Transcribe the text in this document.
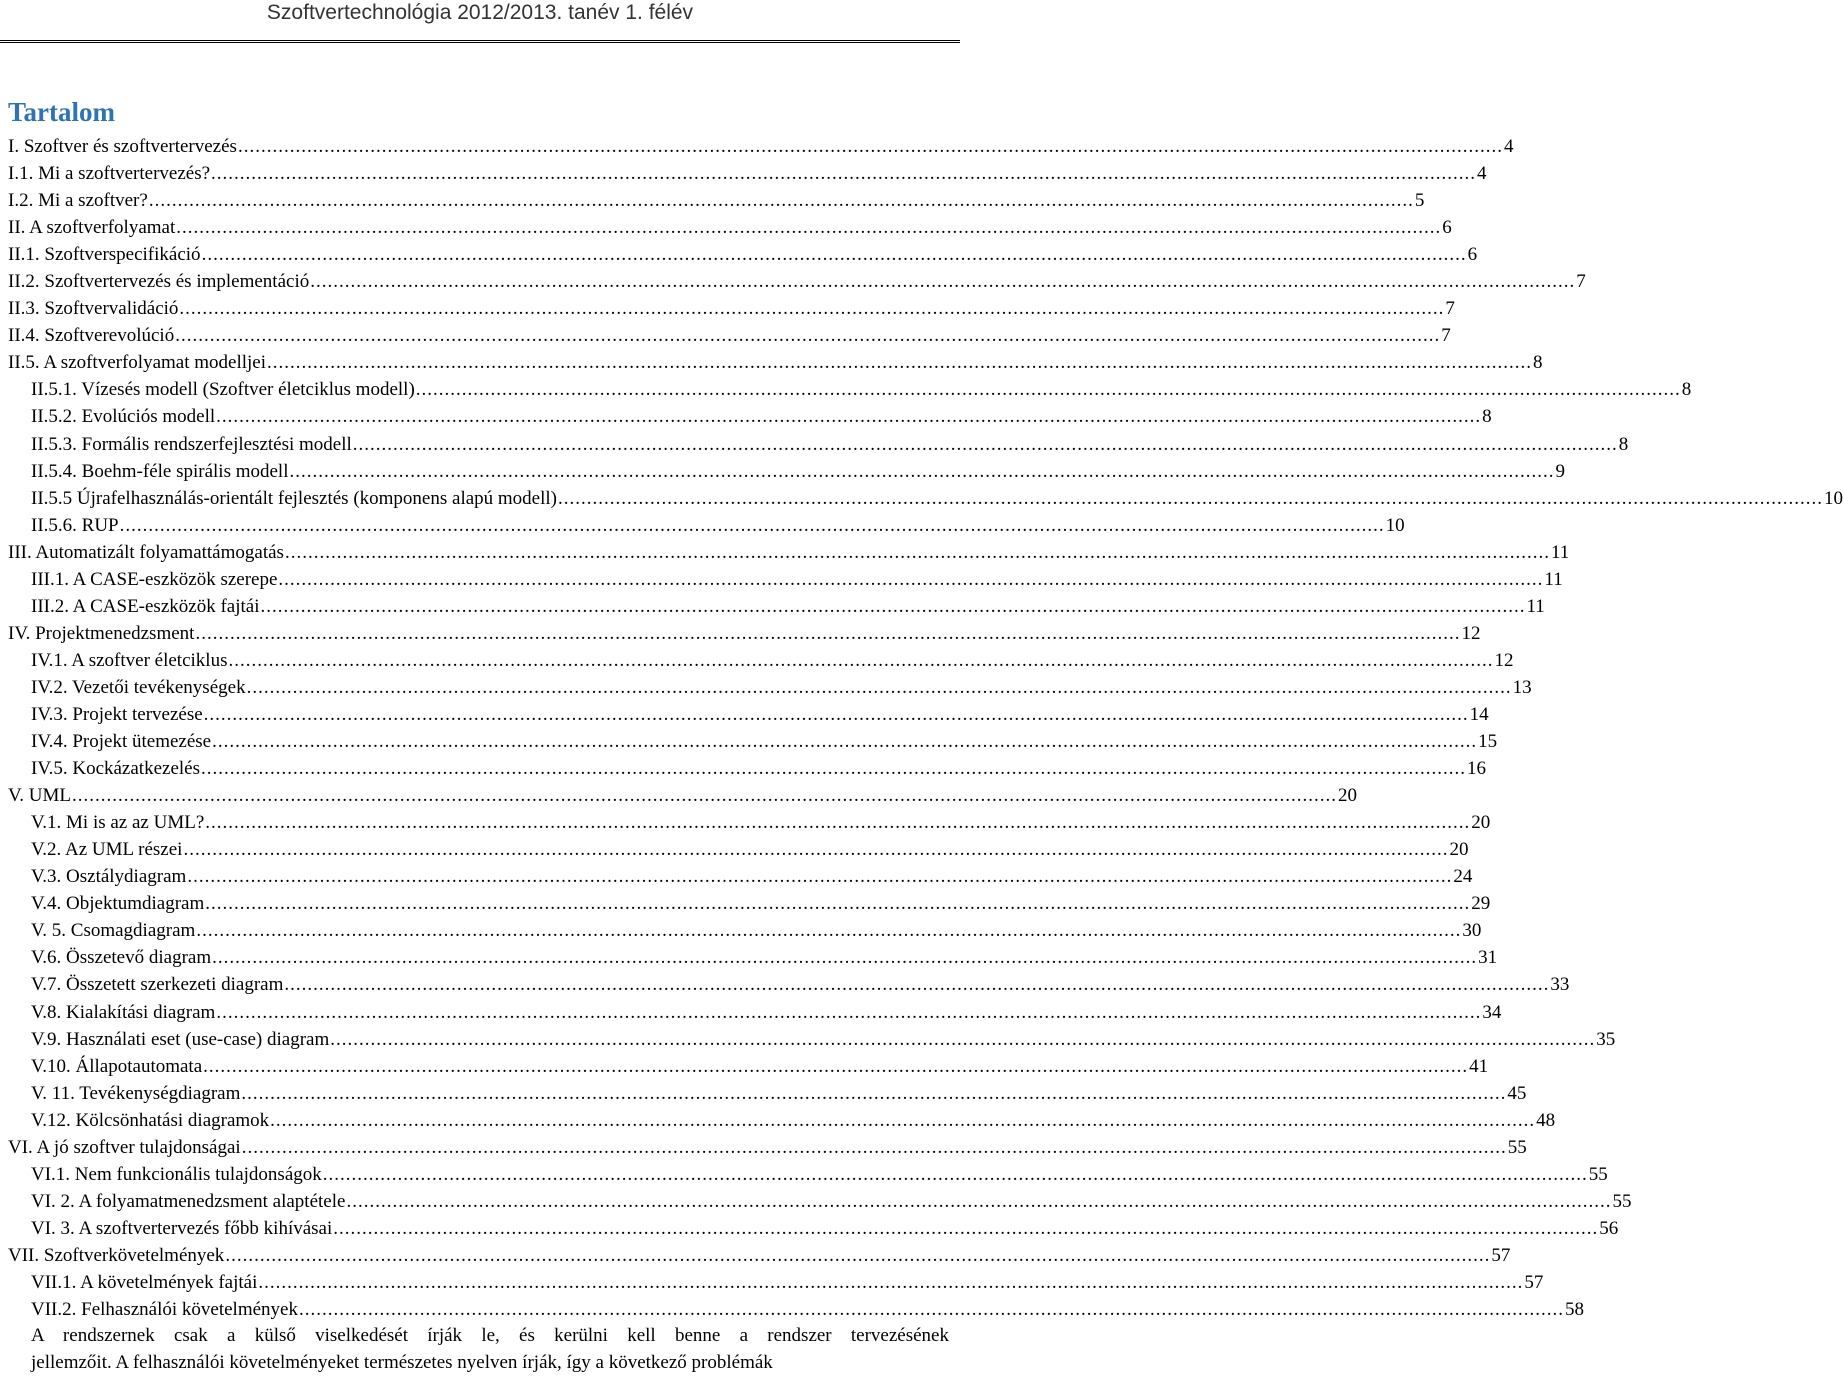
Szoftvertechnológia 2012/2013. tanév 1. félév
Tartalom
I. Szoftver és szoftvertervezés ............................................................................................................................................................................................................................ 4
I.1. Mi a szoftvertervezés? ............................................................................................................................................................................................................................ 4
I.2. Mi a szoftver? ............................................................................................................................................................................................................................ 5
II. A szoftverfolyamat ............................................................................................................................................................................................................................ 6
II.1. Szoftverspecifikáció ............................................................................................................................................................................................................................ 6
II.2. Szoftvertervezés és implementáció ............................................................................................................................................................................................................................ 7
II.3. Szoftvervalidáció ............................................................................................................................................................................................................................ 7
II.4. Szoftverevolúció ............................................................................................................................................................................................................................ 7
II.5. A szoftverfolyamat modelljei ............................................................................................................................................................................................................................ 8
II.5.1. Vízesés modell (Szoftver életciklus modell) ............................................................................................................................................................................................................................ 8
II.5.2. Evolúciós modell ............................................................................................................................................................................................................................ 8
II.5.3. Formális rendszerfejlesztési modell ............................................................................................................................................................................................................................ 8
II.5.4. Boehm-féle spirális modell ............................................................................................................................................................................................................................ 9
II.5.5 Újrafelhasználás-orientált fejlesztés (komponens alapú modell) ............................................................................................................................................................................................................................ 10
II.5.6. RUP ............................................................................................................................................................................................................................ 10
III. Automatizált folyamattámogatás ............................................................................................................................................................................................................................ 11
III.1. A CASE-eszközök szerepe ............................................................................................................................................................................................................................ 11
III.2. A CASE-eszközök fajtái ............................................................................................................................................................................................................................ 11
IV. Projektmenedzsment ............................................................................................................................................................................................................................ 12
IV.1. A szoftver életciklus ............................................................................................................................................................................................................................ 12
IV.2. Vezetői tevékenységek ............................................................................................................................................................................................................................ 13
IV.3. Projekt tervezése ............................................................................................................................................................................................................................ 14
IV.4. Projekt ütemezése ............................................................................................................................................................................................................................ 15
IV.5. Kockázatkezelés ............................................................................................................................................................................................................................ 16
V. UML ............................................................................................................................................................................................................................ 20
V.1. Mi is az az UML? ............................................................................................................................................................................................................................ 20
V.2. Az UML részei ............................................................................................................................................................................................................................ 20
V.3. Osztálydiagram ............................................................................................................................................................................................................................ 24
V.4. Objektumdiagram ............................................................................................................................................................................................................................ 29
V. 5. Csomagdiagram ............................................................................................................................................................................................................................ 30
V.6. Összetevő diagram ............................................................................................................................................................................................................................ 31
V.7. Összetett szerkezeti diagram ............................................................................................................................................................................................................................ 33
V.8. Kialakítási diagram ............................................................................................................................................................................................................................ 34
V.9. Használati eset (use-case) diagram ............................................................................................................................................................................................................................ 35
V.10. Állapotautomata ............................................................................................................................................................................................................................ 41
V. 11. Tevékenységdiagram ............................................................................................................................................................................................................................ 45
V.12. Kölcsönhatási diagramok ............................................................................................................................................................................................................................ 48
VI. A jó szoftver tulajdonságai ............................................................................................................................................................................................................................ 55
VI.1. Nem funkcionális tulajdonságok ............................................................................................................................................................................................................................ 55
VI. 2. A folyamatmenedzsment alaptétele ............................................................................................................................................................................................................................ 55
VI. 3. A szoftvertervezés főbb kihívásai ............................................................................................................................................................................................................................ 56
VII. Szoftverkövetelmények ............................................................................................................................................................................................................................ 57
VII.1. A követelmények fajtái ............................................................................................................................................................................................................................ 57
VII.2. Felhasználói követelmények ............................................................................................................................................................................................................................ 58
A rendszernek csak a külső viselkedését írják le, és kerülni kell benne a rendszer tervezésének
jellemzőit. A felhasználói követelményeket természetes nyelven írják, így a következő problémák
